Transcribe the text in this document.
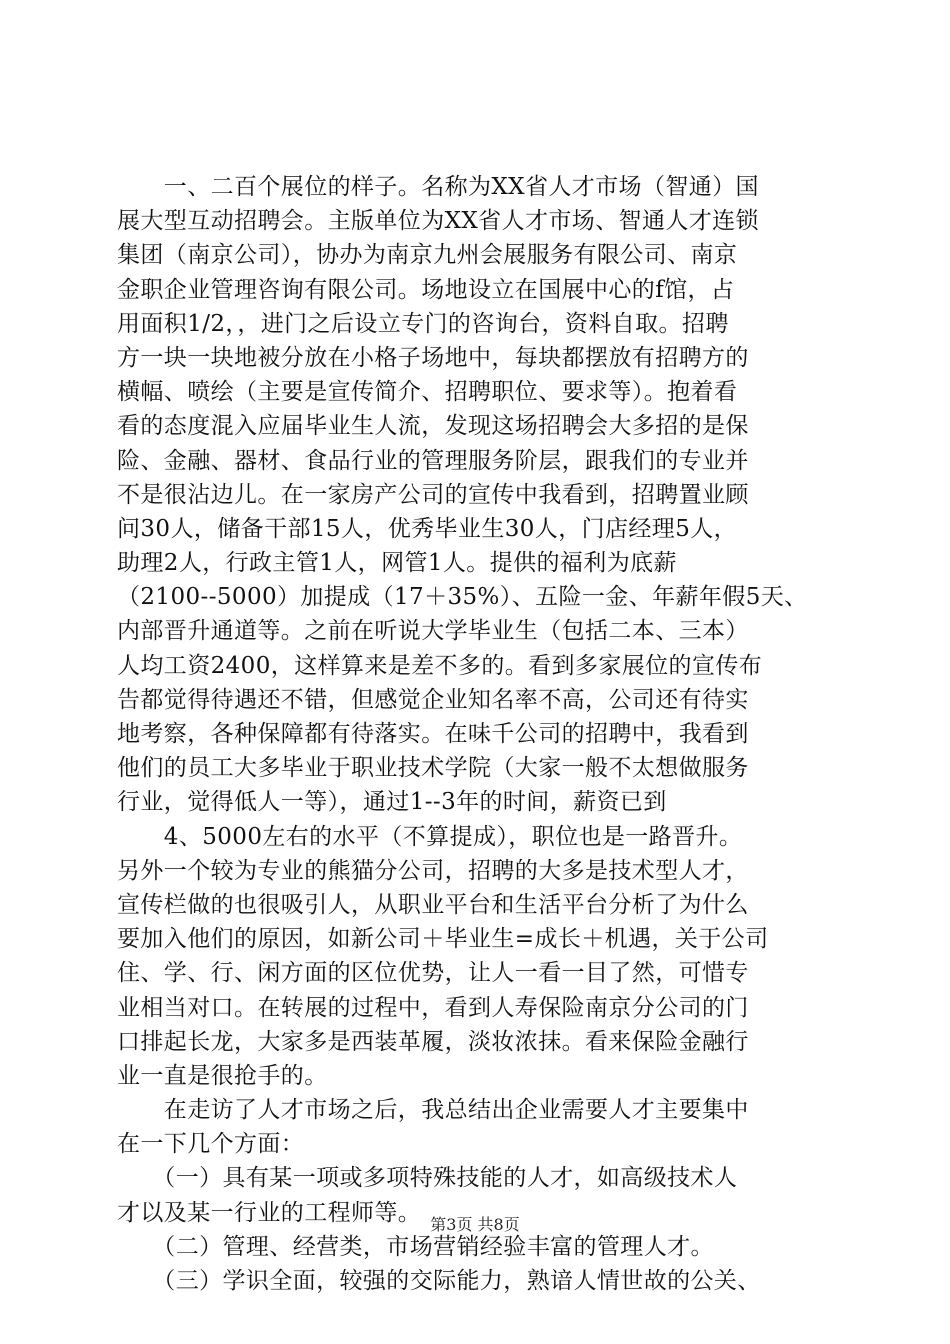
　　一、二百个展位的样子。名称为XX省人才市场（智通）国
展大型互动招聘会。主版单位为XX省人才市场、智通人才连锁
集团（南京公司），协办为南京九州会展服务有限公司、南京
金职企业管理咨询有限公司。场地设立在国展中心的f馆，占
用面积1/2，，进门之后设立专门的咨询台，资料自取。招聘
方一块一块地被分放在小格子场地中，每块都摆放有招聘方的
横幅、喷绘（主要是宣传简介、招聘职位、要求等）。抱着看
看的态度混入应届毕业生人流，发现这场招聘会大多招的是保
险、金融、器材、食品行业的管理服务阶层，跟我们的专业并
不是很沾边儿。在一家房产公司的宣传中我看到，招聘置业顾
问30人，储备干部15人，优秀毕业生30人，门店经理5人，
助理2人，行政主管1人，网管1人。提供的福利为底薪
（2100--5000）加提成（17＋35%）、五险一金、年薪年假5天、
内部晋升通道等。之前在听说大学毕业生（包括二本、三本）
人均工资2400，这样算来是差不多的。看到多家展位的宣传布
告都觉得待遇还不错，但感觉企业知名率不高，公司还有待实
地考察，各种保障都有待落实。在味千公司的招聘中，我看到
他们的员工大多毕业于职业技术学院（大家一般不太想做服务
行业，觉得低人一等），通过1--3年的时间，薪资已到
　　4、5000左右的水平（不算提成），职位也是一路晋升。
另外一个较为专业的熊猫分公司，招聘的大多是技术型人才，
宣传栏做的也很吸引人，从职业平台和生活平台分析了为什么
要加入他们的原因，如新公司＋毕业生=成长＋机遇，关于公司
住、学、行、闲方面的区位优势，让人一看一目了然，可惜专
业相当对口。在转展的过程中，看到人寿保险南京分公司的门
口排起长龙，大家多是西装革履，淡妆浓抹。看来保险金融行
业一直是很抢手的。
　　在走访了人才市场之后，我总结出企业需要人才主要集中
在一下几个方面：
　　（一）具有某一项或多项特殊技能的人才，如高级技术人
才以及某一行业的工程师等。
　　（二）管理、经营类，市场营销经验丰富的管理人才。
　　（三）学识全面，较强的交际能力，熟谙人情世故的公关、
第3页 共8页
